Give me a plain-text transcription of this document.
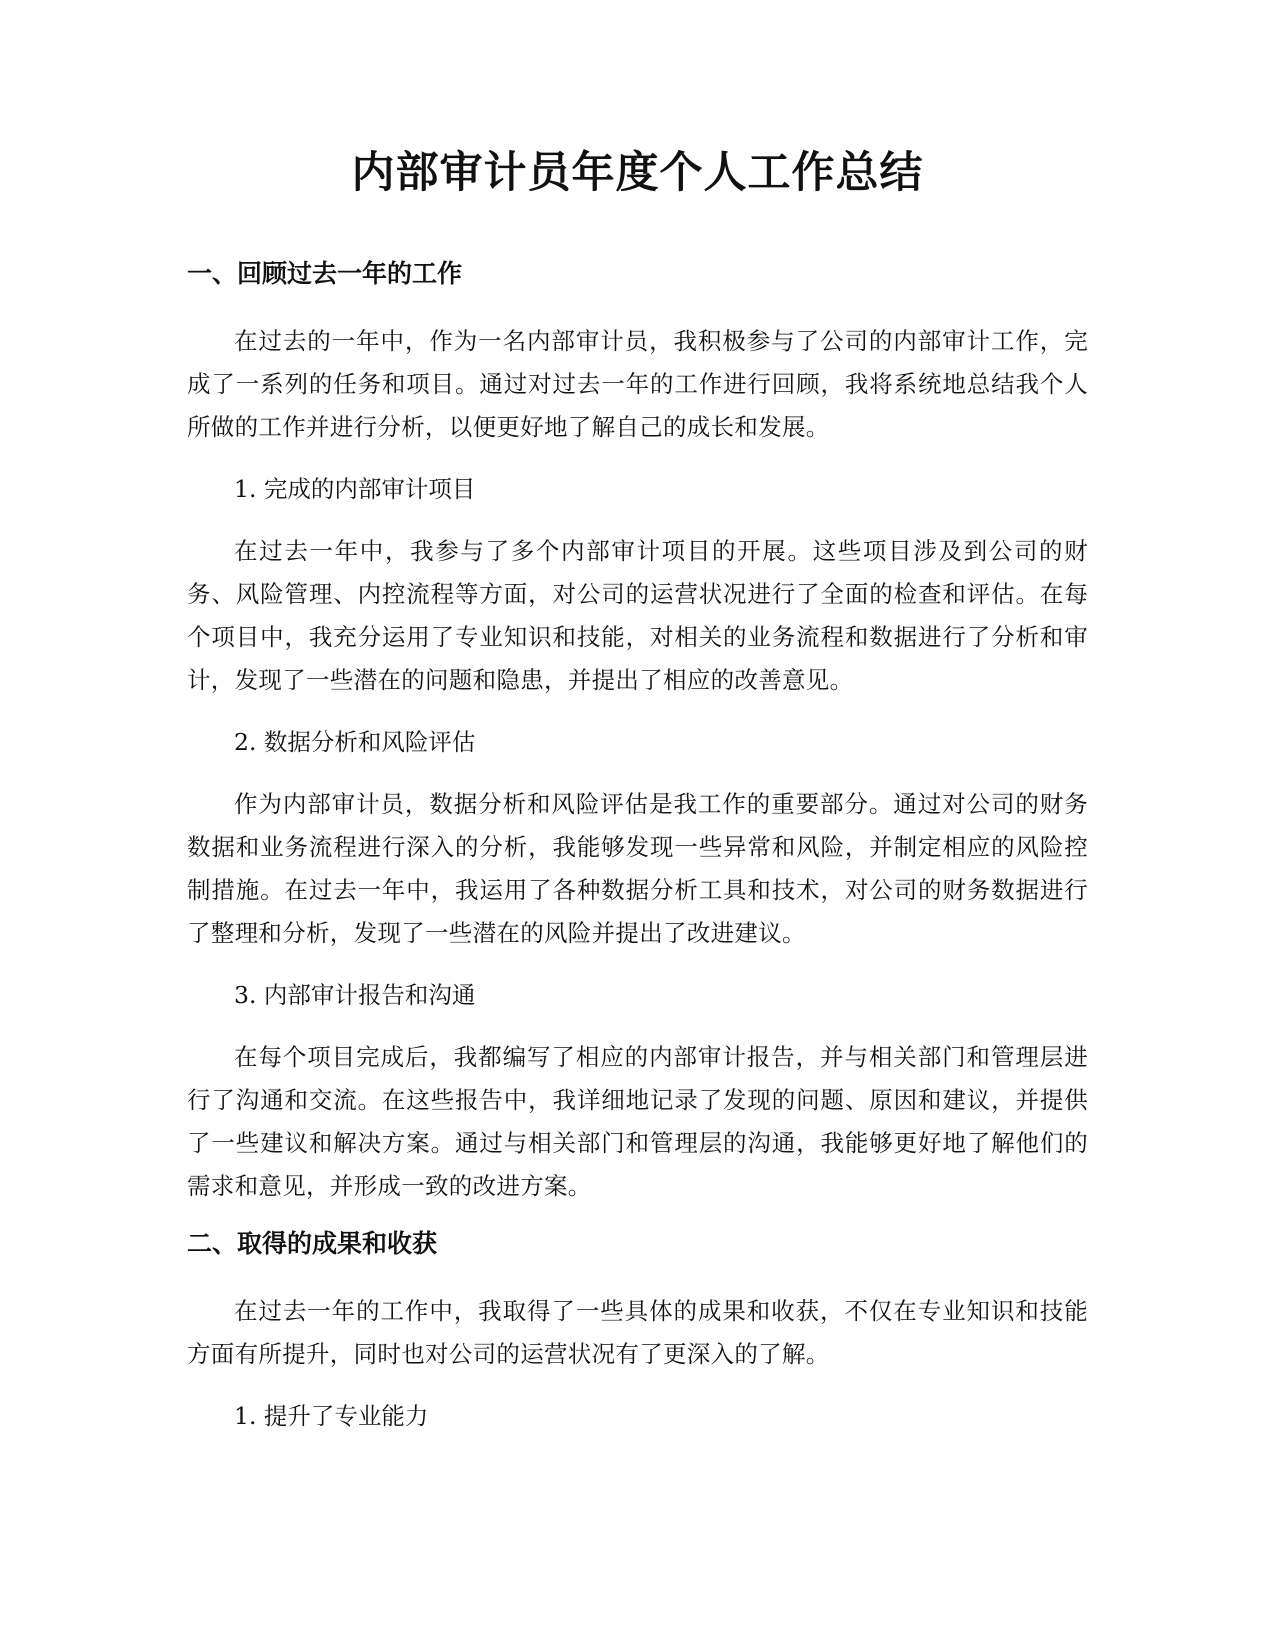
内部审计员年度个人工作总结
一、回顾过去一年的工作

在过去的一年中，作为一名内部审计员，我积极参与了公司的内部审计工作，完成了一系列的任务和项目。通过对过去一年的工作进行回顾，我将系统地总结我个人所做的工作并进行分析，以便更好地了解自己的成长和发展。

1. 完成的内部审计项目

在过去一年中，我参与了多个内部审计项目的开展。这些项目涉及到公司的财务、风险管理、内控流程等方面，对公司的运营状况进行了全面的检查和评估。在每个项目中，我充分运用了专业知识和技能，对相关的业务流程和数据进行了分析和审计，发现了一些潜在的问题和隐患，并提出了相应的改善意见。

2. 数据分析和风险评估

作为内部审计员，数据分析和风险评估是我工作的重要部分。通过对公司的财务数据和业务流程进行深入的分析，我能够发现一些异常和风险，并制定相应的风险控制措施。在过去一年中，我运用了各种数据分析工具和技术，对公司的财务数据进行了整理和分析，发现了一些潜在的风险并提出了改进建议。

3. 内部审计报告和沟通

在每个项目完成后，我都编写了相应的内部审计报告，并与相关部门和管理层进行了沟通和交流。在这些报告中，我详细地记录了发现的问题、原因和建议，并提供了一些建议和解决方案。通过与相关部门和管理层的沟通，我能够更好地了解他们的需求和意见，并形成一致的改进方案。

二、取得的成果和收获

在过去一年的工作中，我取得了一些具体的成果和收获，不仅在专业知识和技能方面有所提升，同时也对公司的运营状况有了更深入的了解。

1. 提升了专业能力
